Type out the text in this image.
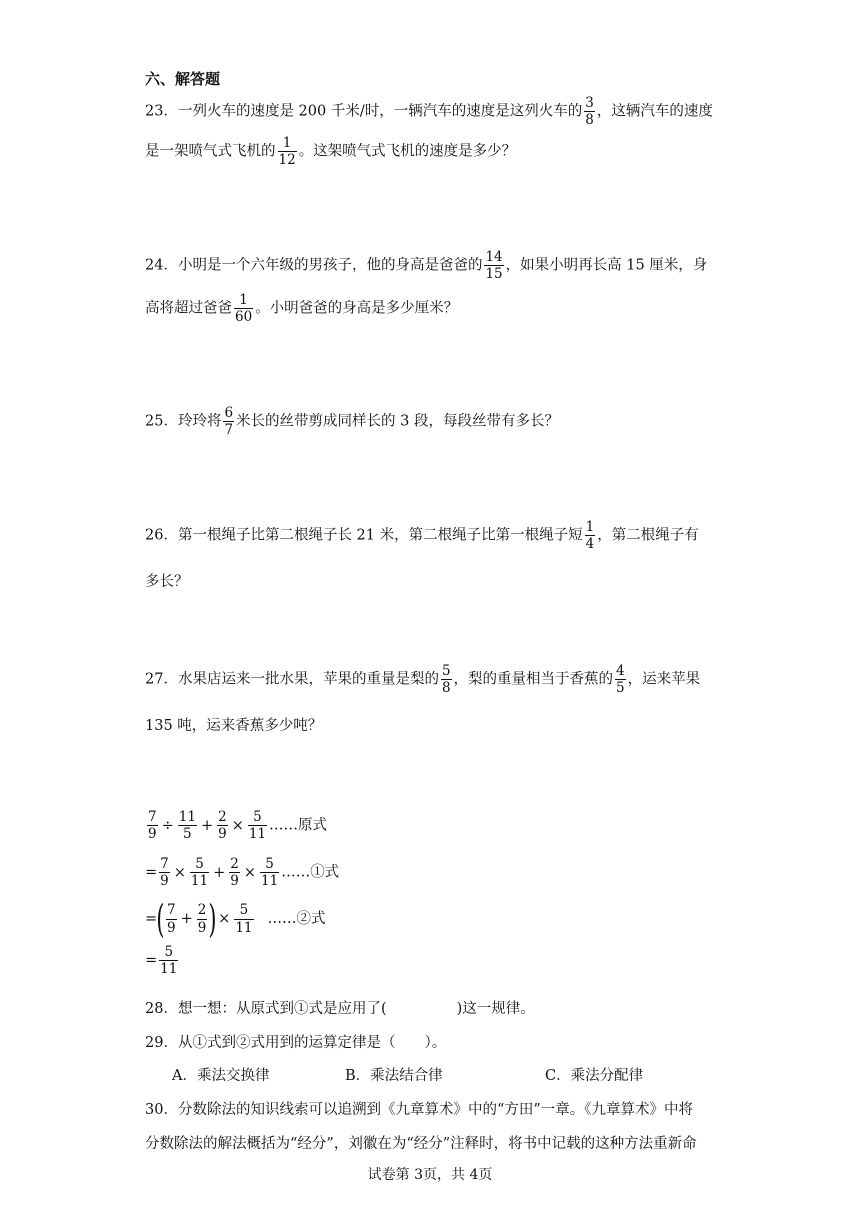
六、解答题
23．一列火车的速度是 200 千米/时，一辆汽车的速度是这列火车的 $\frac{3}{8}$ ，这辆汽车的速度
是一架喷气式飞机的 $\frac{1}{12}$ 。这架喷气式飞机的速度是多少？
24．小明是一个六年级的男孩子，他的身高是爸爸的 $\frac{14}{15}$ ，如果小明再长高 15 厘米，身
高将超过爸爸 $\frac{1}{60}$ 。小明爸爸的身高是多少厘米？
25．玲玲将 $\frac{6}{7}$ 米长的丝带剪成同样长的 3 段，每段丝带有多长？
26．第一根绳子比第二根绳子长 21 米，第二根绳子比第一根绳子短 $\frac{1}{4}$ ，第二根绳子有
多长？
27．水果店运来一批水果，苹果的重量是梨的 $\frac{5}{8}$ ，梨的重量相当于香蕉的 $\frac{4}{5}$ ，运来苹果
135 吨，运来香蕉多少吨？
$\frac{7}{9} \div \frac{11}{5} + \frac{2}{9} \times \frac{5}{11}$ ……原式
= $\frac{7}{9} \times \frac{5}{11} + \frac{2}{9} \times \frac{5}{11}$ ……①式
=( $\frac{7}{9} + \frac{2}{9}$ )× $\frac{5}{11}$ ……②式
= $\frac{5}{11}$
28．想一想：从原式到①式是应用了(	)这一规律。
29．从①式到②式用到的运算定律是（　　）。
A．乘法交换律	B．乘法结合律	C．乘法分配律
30．分数除法的知识线索可以追溯到《九章算术》中的“方田”一章。《九章算术》中将
分数除法的解法概括为“经分”，刘徽在为“经分”注释时，将书中记载的这种方法重新命
试卷第 3页，共 4页
